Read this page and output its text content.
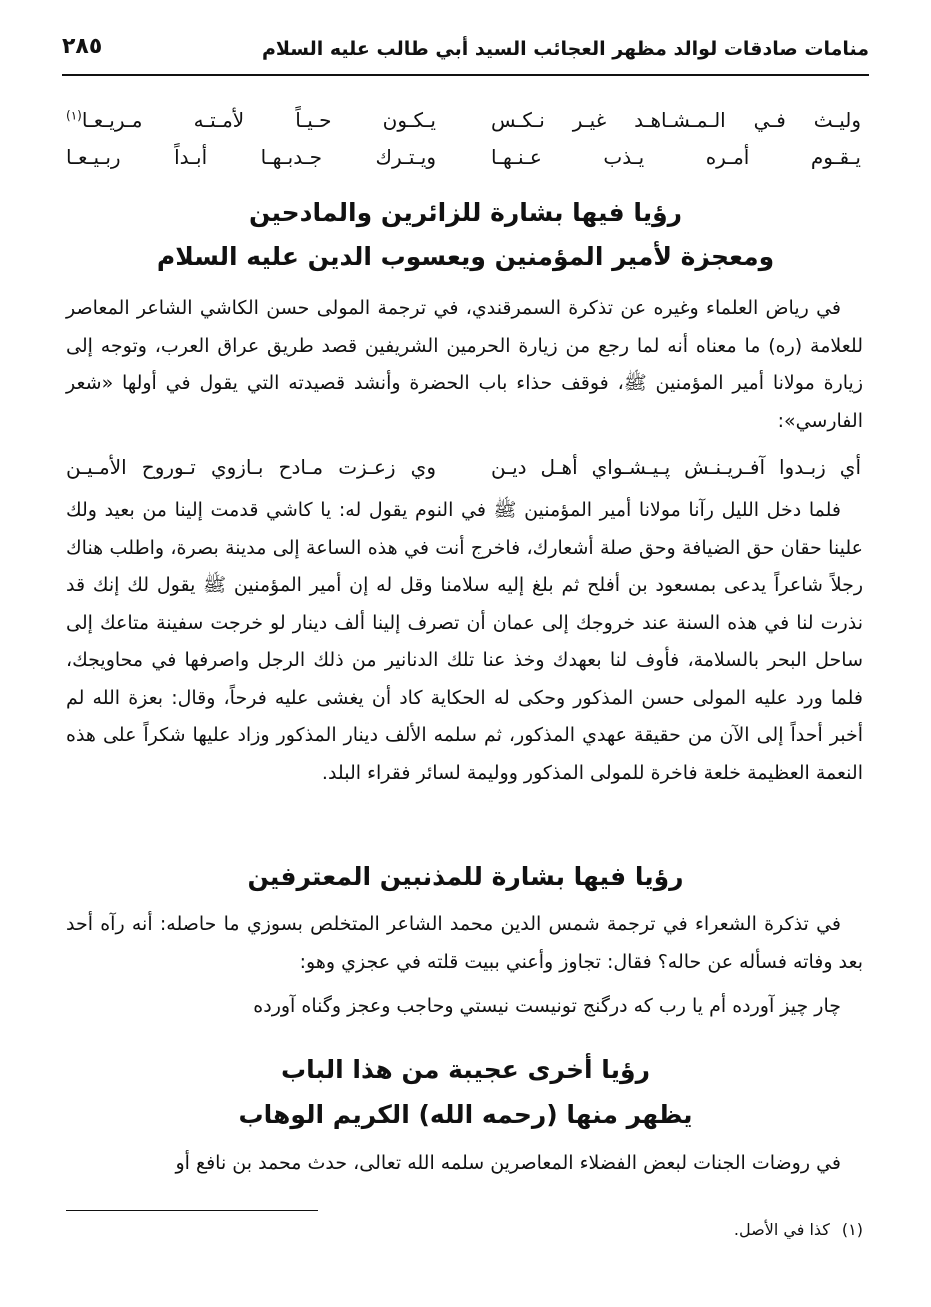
منامات صادقات لوالد مظهر العجائب السيد أبي طالب عليه السلام
٢٨٥
وليـث فـي الـمـشـاهـد غيـر نـكـس
يـكـون حـيـاً لأمـتـه مـريـعـا$^{(١)}$
يـقـوم أمـره يـذب عـنـهـا
ويـتـرك جـدبـهـا أبـداً ربـيـعـا
رؤيا فيها بشارة للزائرين والمادحين
ومعجزة لأمير المؤمنين ويعسوب الدين عليه السلام

في رياض العلماء وغيره عن تذكرة السمرقندي، في ترجمة المولى حسن الكاشي الشاعر المعاصر للعلامة (ره) ما معناه أنه لما رجع من زيارة الحرمين الشريفين قصد طريق عراق العرب، وتوجه إلى زيارة مولانا أمير المؤمنين ﷺ، فوقف حذاء باب الحضرة وأنشد قصيدته التي يقول في أولها «شعر الفارسي»:

أي زبـدوا آفـريـنـش پـيـشـواي أهـل ديـن
وي زعـزت مـادح بـازوي تـوروح الأمـيـن

فلما دخل الليل رآنا مولانا أمير المؤمنين ﷺ في النوم يقول له: يا كاشي قدمت إلينا من بعيد ولك علينا حقان حق الضيافة وحق صلة أشعارك، فاخرج أنت في هذه الساعة إلى مدينة بصرة، واطلب هناك رجلاً شاعراً يدعى بمسعود بن أفلح ثم بلغ إليه سلامنا وقل له إن أمير المؤمنين ﷺ يقول لك إنك قد نذرت لنا في هذه السنة عند خروجك إلى عمان أن تصرف إلينا ألف دينار لو خرجت سفينة متاعك إلى ساحل البحر بالسلامة، فأوف لنا بعهدك وخذ عنا تلك الدنانير من ذلك الرجل واصرفها في محاويجك، فلما ورد عليه المولى حسن المذكور وحكى له الحكاية كاد أن يغشى عليه فرحاً، وقال: بعزة الله لم أخبر أحداً إلى الآن من حقيقة عهدي المذكور، ثم سلمه الألف دينار المذكور وزاد عليها شكراً على هذه النعمة العظيمة خلعة فاخرة للمولى المذكور ووليمة لسائر فقراء البلد.

رؤيا فيها بشارة للمذنبين المعترفين

في تذكرة الشعراء في ترجمة شمس الدين محمد الشاعر المتخلص بسوزي ما حاصله: أنه رآه أحد بعد وفاته فسأله عن حاله؟ فقال: تجاوز وأعني ببيت قلته في عجزي وهو:

چار چيز آورده أم يا رب كه درگنج تونيست نيستي وحاجب وعجز وگناه آورده
رؤيا أخرى عجيبة من هذا الباب
يظهر منها (رحمه الله) الكريم الوهاب

في روضات الجنات لبعض الفضلاء المعاصرين سلمه الله تعالى، حدث محمد بن نافع أو

(١)كذا في الأصل.
